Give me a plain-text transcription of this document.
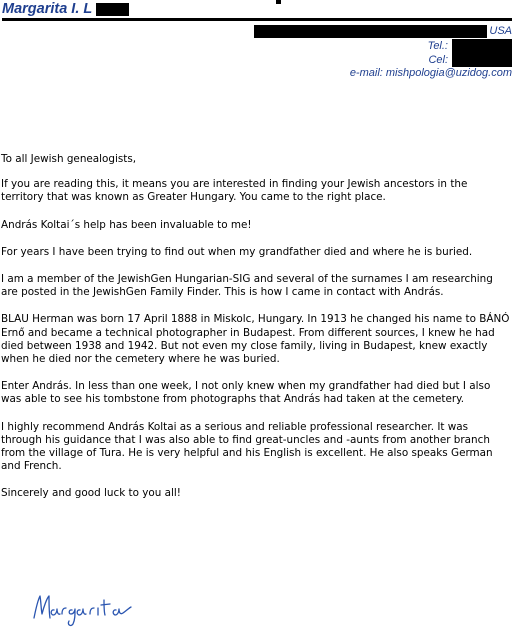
Margarita I. L
USA
Tel.:
Cel:
e-mail: mishpologia@uzidog.com

To all Jewish genealogists,

If you are reading this, it means you are interested in finding your Jewish ancestors in the territory that was known as Greater Hungary. You came to the right place.

András Koltai´s help has been invaluable to me!

For years I have been trying to find out when my grandfather died and where he is buried.

I am a member of the JewishGen Hungarian-SIG and several of the surnames I am researching are posted in the JewishGen Family Finder. This is how I came in contact with András.

BLAU Herman was born 17 April 1888 in Miskolc, Hungary. In 1913 he changed his name to BÁNÓ Ernő and became a technical photographer in Budapest. From different sources, I knew he had died between 1938 and 1942. But not even my close family, living in Budapest, knew exactly when he died nor the cemetery where he was buried.

Enter András. In less than one week, I not only knew when my grandfather had died but I also was able to see his tombstone from photographs that András had taken at the cemetery.

I highly recommend András Koltai as a serious and reliable professional researcher. It was through his guidance that I was also able to find great-uncles and -aunts from another branch from the village of Tura. He is very helpful and his English is excellent. He also speaks German and French.

Sincerely and good luck to you all!
